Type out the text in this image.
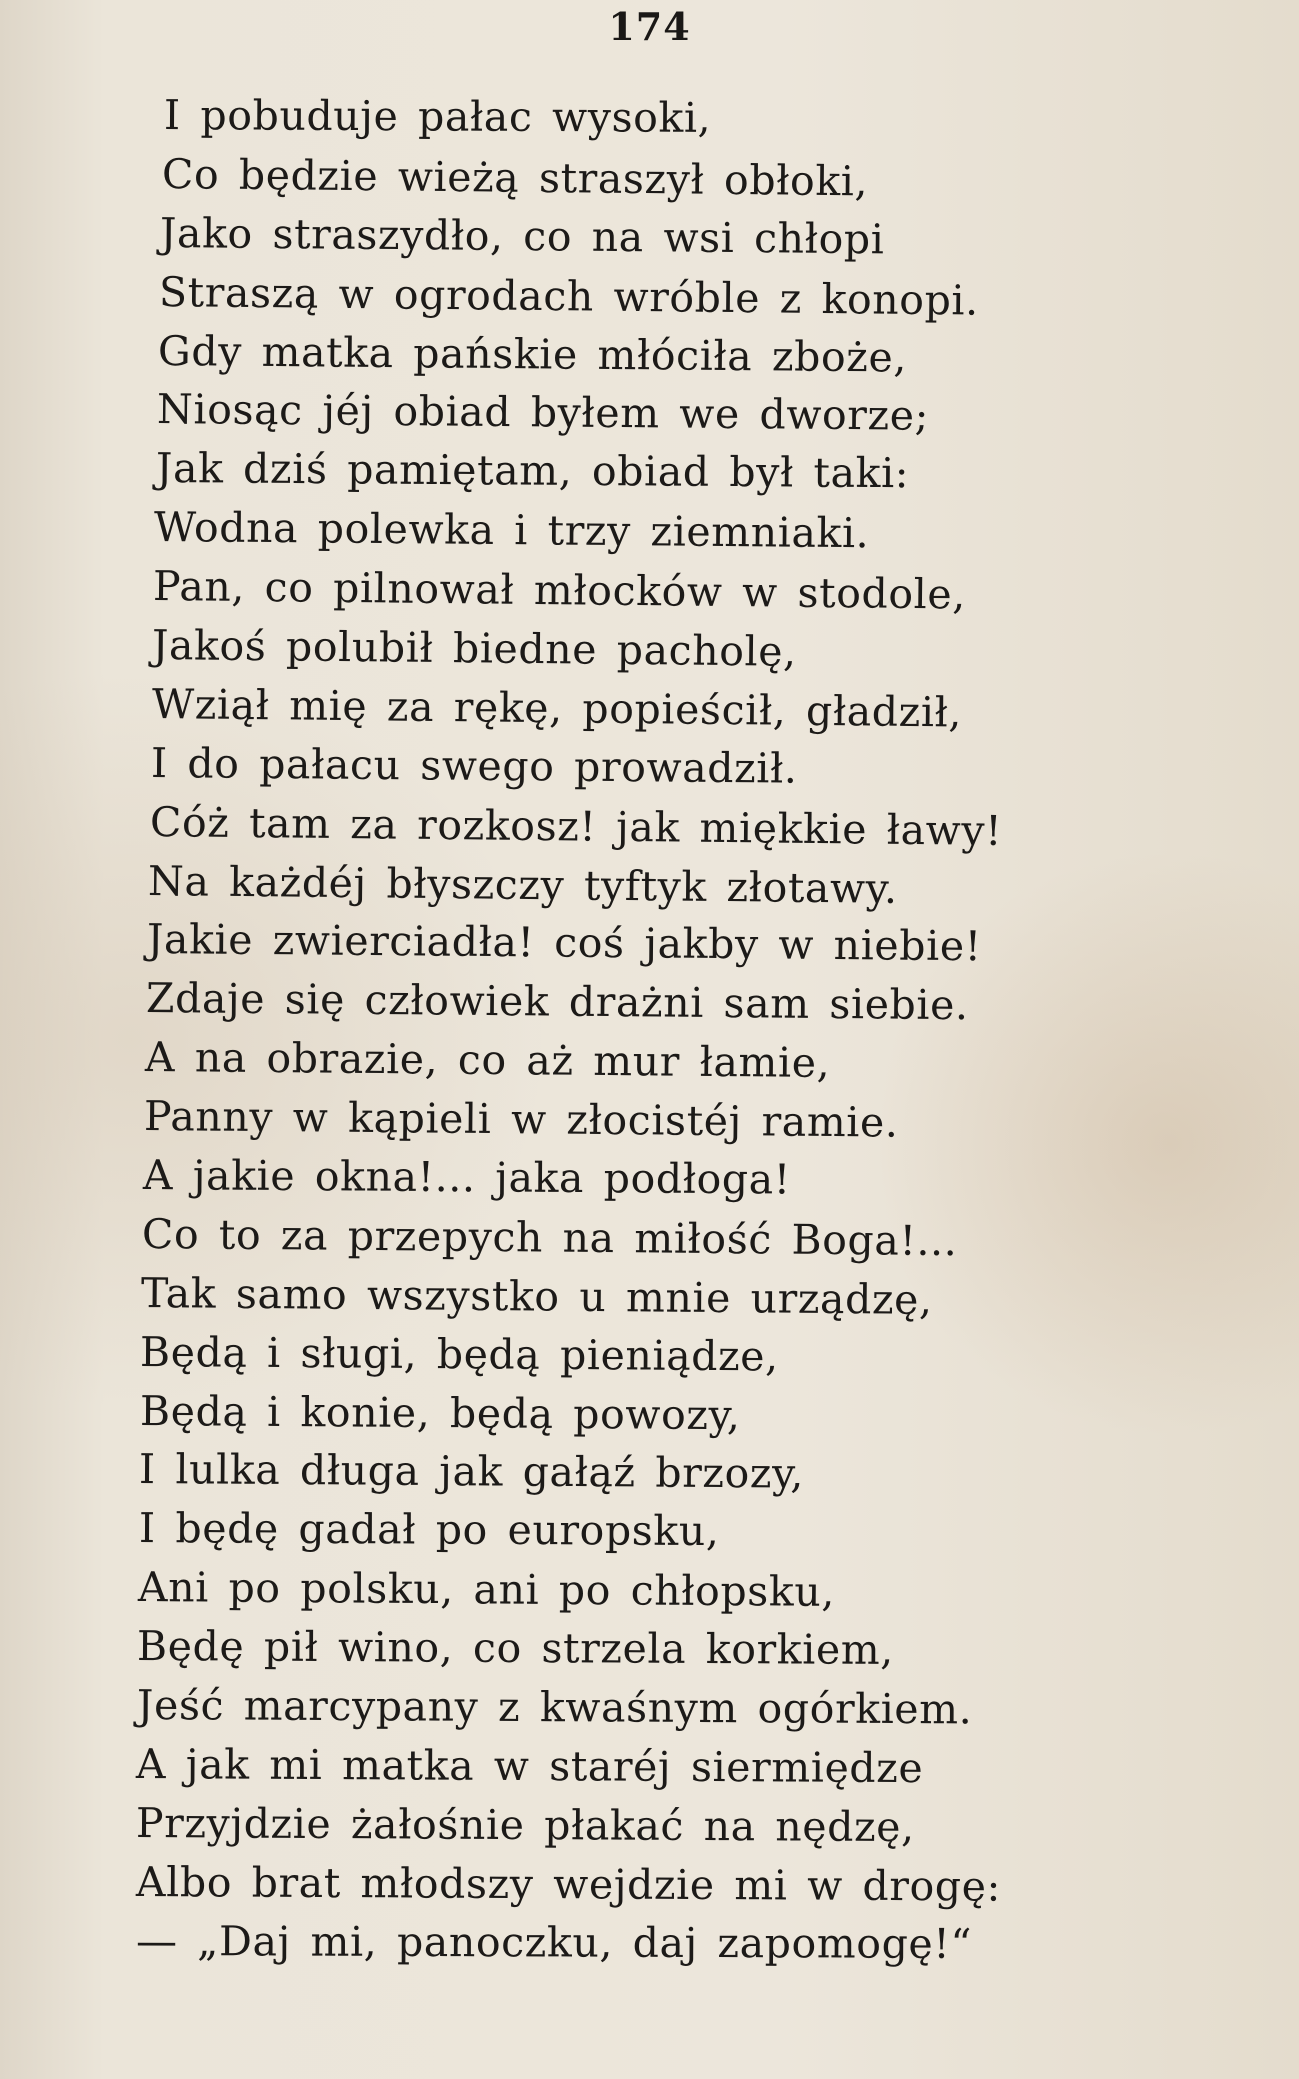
174
I pobuduje pałac wysoki,
Co będzie wieżą straszył obłoki,
Jako straszydło, co na wsi chłopi
Straszą w ogrodach wróble z konopi.
Gdy matka pańskie młóciła zboże,
Niosąc jéj obiad byłem we dworze;
Jak dziś pamiętam, obiad był taki:
Wodna polewka i trzy ziemniaki.
Pan, co pilnował młocków w stodole,
Jakoś polubił biedne pacholę,
Wziął mię za rękę, popieścił, gładził,
I do pałacu swego prowadził.
Cóż tam za rozkosz! jak miękkie ławy!
Na każdéj błyszczy tyftyk złotawy.
Jakie zwierciadła! coś jakby w niebie!
Zdaje się człowiek drażni sam siebie.
A na obrazie, co aż mur łamie,
Panny w kąpieli w złocistéj ramie.
A jakie okna!... jaka podłoga!
Co to za przepych na miłość Boga!...
Tak samo wszystko u mnie urządzę,
Będą i sługi, będą pieniądze,
Będą i konie, będą powozy,
I lulka długa jak gałąź brzozy,
I będę gadał po europsku,
Ani po polsku, ani po chłopsku,
Będę pił wino, co strzela korkiem,
Jeść marcypany z kwaśnym ogórkiem.
A jak mi matka w staréj siermiędze
Przyjdzie żałośnie płakać na nędzę,
Albo brat młodszy wejdzie mi w drogę:
— „Daj mi, panoczku, daj zapomogę!“
